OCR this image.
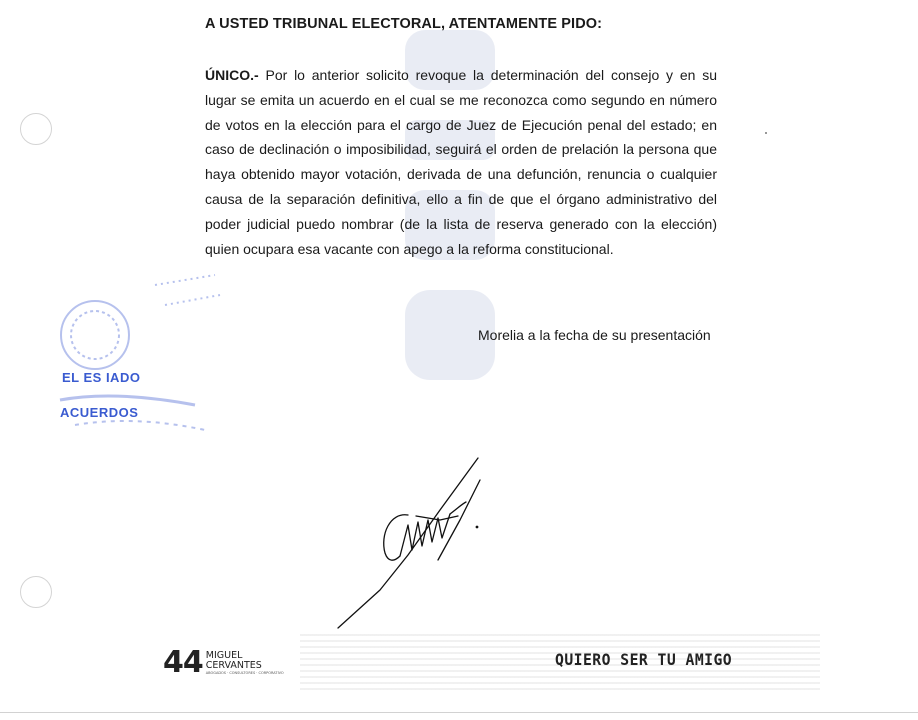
EL ES IADO
ACUERDOS
A USTED TRIBUNAL ELECTORAL, ATENTAMENTE PIDO:
ÚNICO.- Por lo anterior solicito revoque la determinación del consejo y en su lugar se emita un acuerdo en el cual se me reconozca como segundo en número de votos en la elección para el cargo de Juez de Ejecución penal del estado; en caso de declinación o imposibilidad, seguirá el orden de prelación la persona que haya obtenido mayor votación, derivada de una defunción, renuncia o cualquier causa de la separación definitiva, ello a fin de que el órgano administrativo del poder judicial puedo nombrar (de la lista de reserva generado con la elección) quien ocupara esa vacante con apego a la reforma constitucional.
Morelia a la fecha de su presentación
44 MIGUEL
CERVANTES
ABOGADOS · CONSULTORES · CORPORATIVO
QUIERO SER TU AMIGO
